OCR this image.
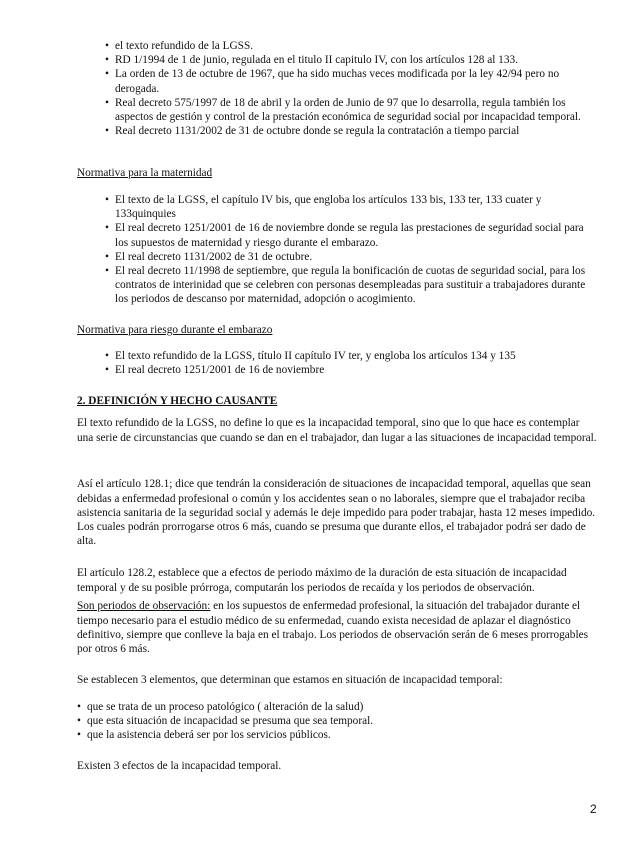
• el texto refundido de la LGSS.
• RD 1/1994 de 1 de junio, regulada en el titulo II capitulo IV, con los artículos 128 al 133.
• La orden de 13 de octubre de 1967, que ha sido muchas veces modificada por la ley 42/94 pero no derogada.
• Real decreto 575/1997 de 18 de abril y la orden de Junio de 97 que lo desarrolla, regula también los aspectos de gestión y control de la prestación económica de seguridad social por incapacidad temporal.
• Real decreto 1131/2002 de 31 de octubre donde se regula la contratación a tiempo parcial
Normativa para la maternidad
• El texto de la LGSS, el capítulo IV bis, que engloba los artículos 133 bis, 133 ter, 133 cuater y 133quinquies
• El real decreto 1251/2001 de 16 de noviembre donde se regula las prestaciones de seguridad social para los supuestos de maternidad y riesgo durante el embarazo.
• El real decreto 1131/2002 de 31 de octubre.
• El real decreto 11/1998 de septiembre, que regula la bonificación de cuotas de seguridad social, para los contratos de interinidad que se celebren con personas desempleadas para sustituir a trabajadores durante los periodos de descanso por maternidad, adopción o acogimiento.
Normativa para riesgo durante el embarazo
• El texto refundido de la LGSS, título II capítulo IV ter, y engloba los artículos 134 y 135
• El real decreto 1251/2001 de 16 de noviembre
2. DEFINICIÓN Y HECHO CAUSANTE

El texto refundido de la LGSS, no define lo que es la incapacidad temporal, sino que lo que hace es contemplar una serie de circunstancias que cuando se dan en el trabajador, dan lugar a las situaciones de incapacidad temporal.

Así el artículo 128.1; dice que tendrán la consideración de situaciones de incapacidad temporal, aquellas que sean debidas a enfermedad profesional o común y los accidentes sean o no laborales, siempre que el trabajador reciba asistencia sanitaria de la seguridad social y además le deje impedido para poder trabajar, hasta 12 meses impedido. Los cuales podrán prorrogarse otros 6 más, cuando se presuma que durante ellos, el trabajador podrá ser dado de alta.

El artículo 128.2, establece que a efectos de periodo máximo de la duración de esta situación de incapacidad temporal y de su posible prórroga, computarán los periodos de recaída y los periodos de observación.

Son periodos de observación: en los supuestos de enfermedad profesional, la situación del trabajador durante el tiempo necesario para el estudio médico de su enfermedad, cuando exista necesidad de aplazar el diagnóstico definitivo, siempre que conlleve la baja en el trabajo. Los periodos de observación serán de 6 meses prorrogables por otros 6 más.

Se establecen 3 elementos, que determinan que estamos en situación de incapacidad temporal:

• que se trata de un proceso patológico ( alteración de la salud)
• que esta situación de incapacidad se presuma que sea temporal.
• que la asistencia deberá ser por los servicios públicos.

Existen 3 efectos de la incapacidad temporal.

2
